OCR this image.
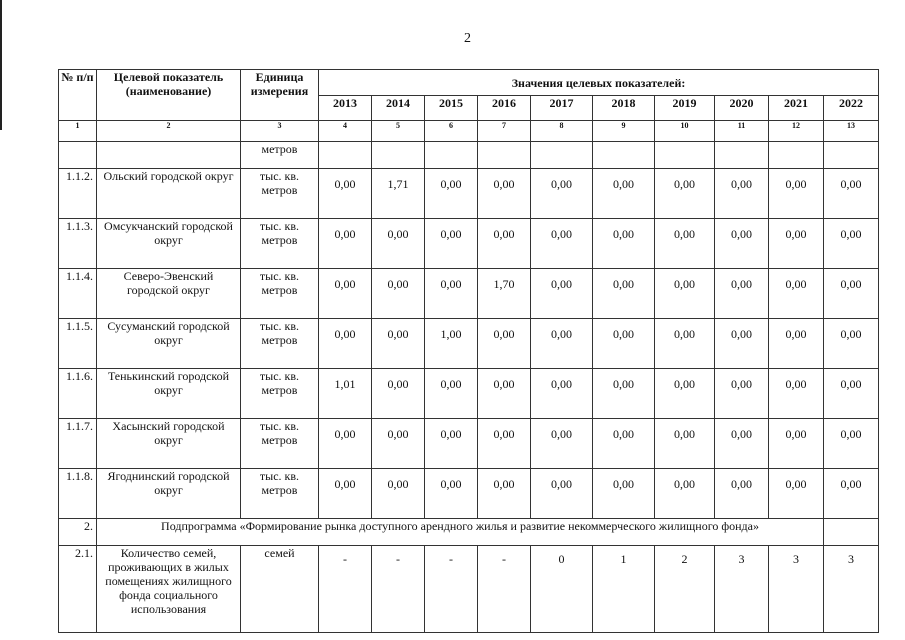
2
№ п/п	Целевой показатель (наименование)	Единица измерения	Значения целевых показателей:									
			2013	2014	2015	2016	2017	2018	2019	2020	2021	2022
1	2	3	4	5	6	7	8	9	10	11	12	13
		метров										
1.1.2.	Ольский городской округ	тыс. кв. метров	0,00	1,71	0,00	0,00	0,00	0,00	0,00	0,00	0,00	0,00
1.1.3.	Омсукчанский городской округ	тыс. кв. метров	0,00	0,00	0,00	0,00	0,00	0,00	0,00	0,00	0,00	0,00
1.1.4.	Северо-Эвенский городской округ	тыс. кв. метров	0,00	0,00	0,00	1,70	0,00	0,00	0,00	0,00	0,00	0,00
1.1.5.	Сусуманский городской округ	тыс. кв. метров	0,00	0,00	1,00	0,00	0,00	0,00	0,00	0,00	0,00	0,00
1.1.6.	Тенькинский городской округ	тыс. кв. метров	1,01	0,00	0,00	0,00	0,00	0,00	0,00	0,00	0,00	0,00
1.1.7.	Хасынский городской округ	тыс. кв. метров	0,00	0,00	0,00	0,00	0,00	0,00	0,00	0,00	0,00	0,00
1.1.8.	Ягоднинский городской округ	тыс. кв. метров	0,00	0,00	0,00	0,00	0,00	0,00	0,00	0,00	0,00	0,00
2.	Подпрограмма «Формирование рынка доступного арендного жилья и развитие некоммерческого жилищного фонда»											
2.1.	Количество семей, проживающих в жилых помещениях жилищного фонда социального использования	семей	-	-	-	-	0	1	2	3	3	3
